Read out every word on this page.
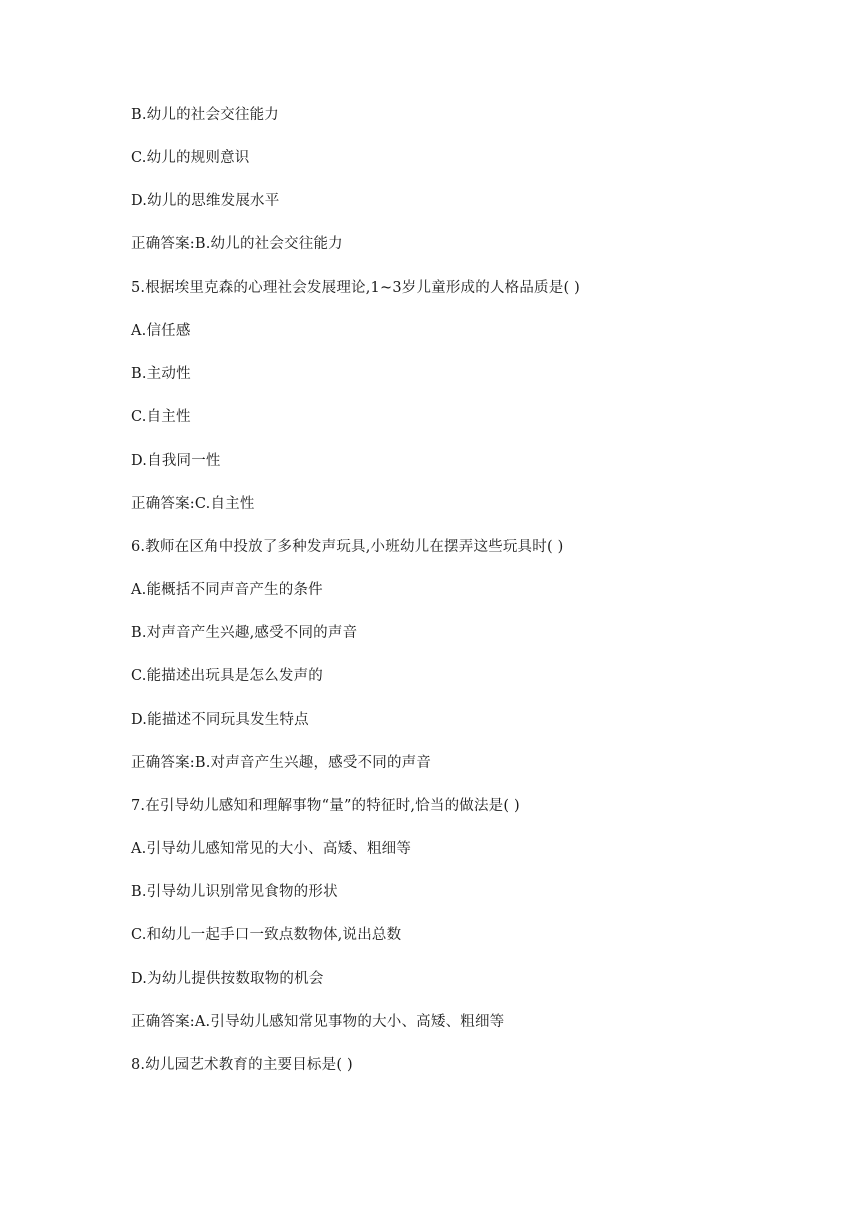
B.幼儿的社会交往能力

C.幼儿的规则意识

D.幼儿的思维发展水平

正确答案:B.幼儿的社会交往能力

5.根据埃里克森的心理社会发展理论,1~3岁儿童形成的人格品质是( )

A.信任感

B.主动性

C.自主性

D.自我同一性

正确答案:C.自主性

6.教师在区角中投放了多种发声玩具,小班幼儿在摆弄这些玩具时( )

A.能概括不同声音产生的条件

B.对声音产生兴趣,感受不同的声音

C.能描述出玩具是怎么发声的

D.能描述不同玩具发生特点

正确答案:B.对声音产生兴趣，感受不同的声音

7.在引导幼儿感知和理解事物“量”的特征时,恰当的做法是( )

A.引导幼儿感知常见的大小、高矮、粗细等

B.引导幼儿识别常见食物的形状

C.和幼儿一起手口一致点数物体,说出总数

D.为幼儿提供按数取物的机会

正确答案:A.引导幼儿感知常见事物的大小、高矮、粗细等

8.幼儿园艺术教育的主要目标是( )
